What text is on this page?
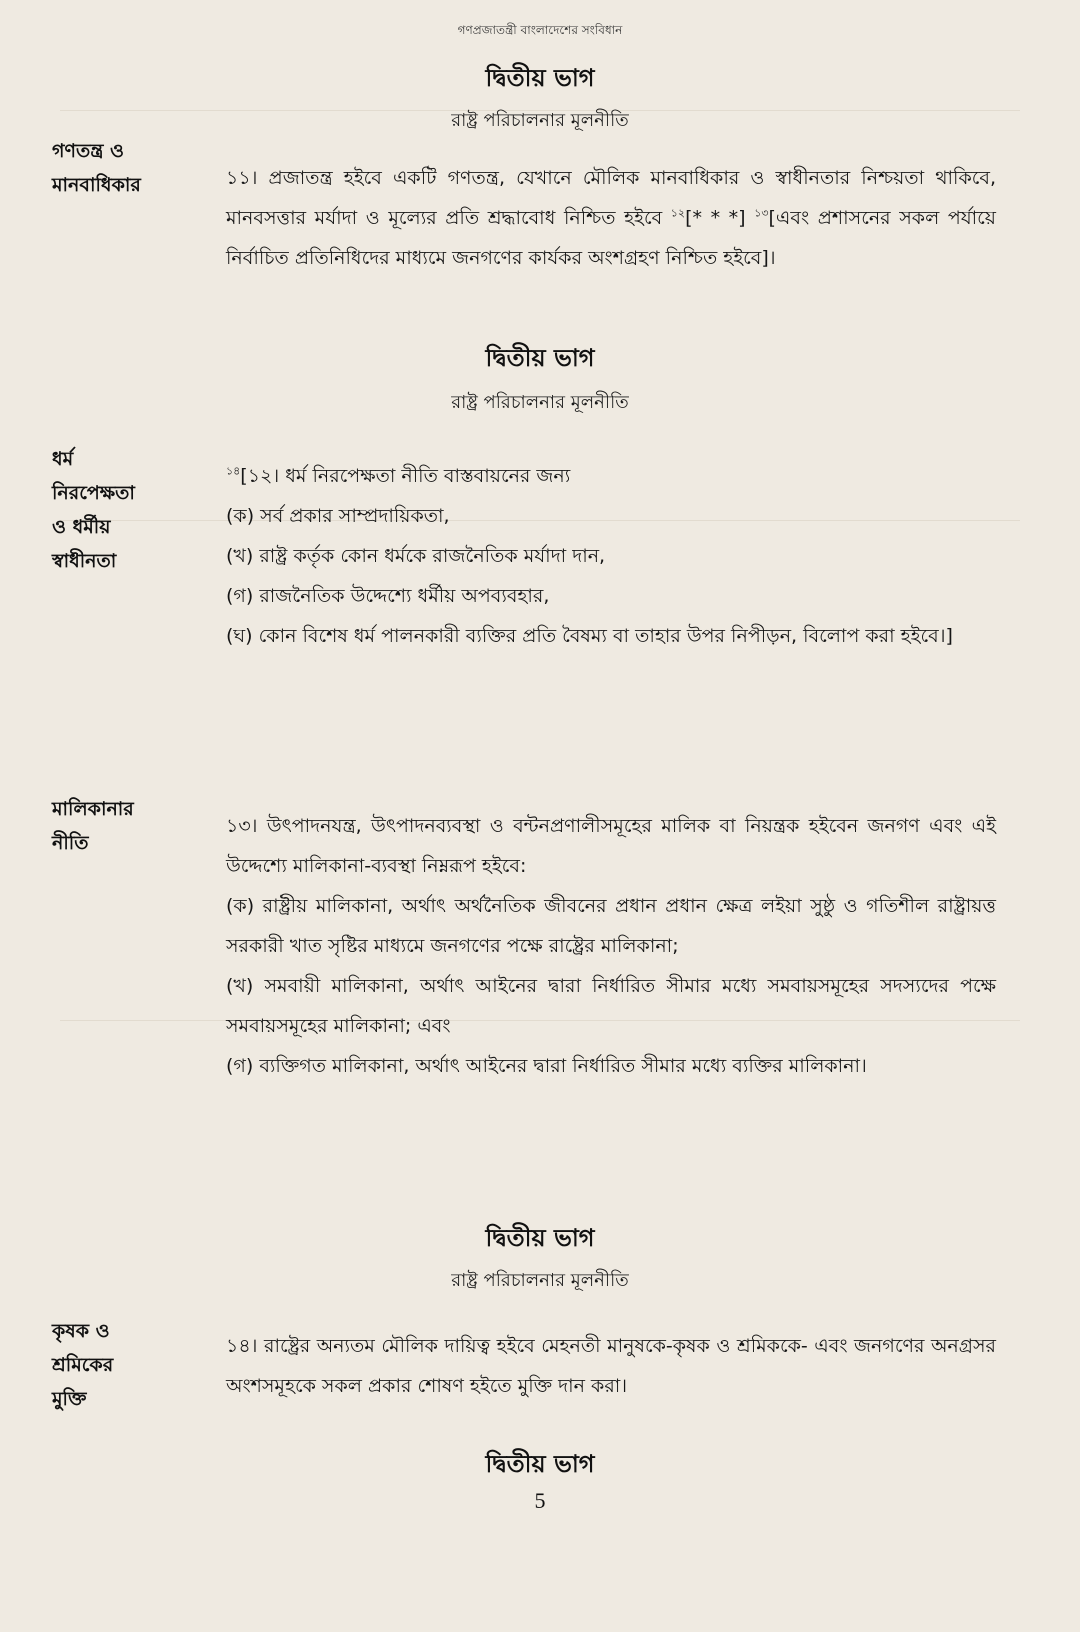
গণপ্রজাতন্ত্রী বাংলাদেশের সংবিধান
দ্বিতীয় ভাগ
রাষ্ট্র পরিচালনার মূলনীতি
গণতন্ত্র ও
মানবাধিকার	১১। প্রজাতন্ত্র হইবে একটি গণতন্ত্র, যেখানে মৌলিক মানবাধিকার ও স্বাধীনতার নিশ্চয়তা থাকিবে, মানবসত্তার মর্যাদা ও মূল্যের প্রতি শ্রদ্ধাবোধ নিশ্চিত হইবে $^{১২}$[* * *] $^{১৩}$[এবং প্রশাসনের সকল পর্যায়ে নির্বাচিত প্রতিনিধিদের মাধ্যমে জনগণের কার্যকর অংশগ্রহণ নিশ্চিত হইবে]।

দ্বিতীয় ভাগ
রাষ্ট্র পরিচালনার মূলনীতি
ধর্ম
নিরপেক্ষতা
ও ধর্মীয়
স্বাধীনতা

$^{১৪}$[১২। ধর্ম নিরপেক্ষতা নীতি বাস্তবায়নের জন্য

(ক) সর্ব প্রকার সাম্প্রদায়িকতা,

(খ) রাষ্ট্র কর্তৃক কোন ধর্মকে রাজনৈতিক মর্যাদা দান,

(গ) রাজনৈতিক উদ্দেশ্যে ধর্মীয় অপব্যবহার,

(ঘ) কোন বিশেষ ধর্ম পালনকারী ব্যক্তির প্রতি বৈষম্য বা তাহার উপর নিপীড়ন, বিলোপ করা হইবে।]

মালিকানার
নীতি

১৩। উৎপাদনযন্ত্র, উৎপাদনব্যবস্থা ও বন্টনপ্রণালীসমূহের মালিক বা নিয়ন্ত্রক হইবেন জনগণ এবং এই উদ্দেশ্যে মালিকানা-ব্যবস্থা নিম্নরূপ হইবে:

(ক) রাষ্ট্রীয় মালিকানা, অর্থাৎ অর্থনৈতিক জীবনের প্রধান প্রধান ক্ষেত্র লইয়া সুষ্ঠু ও গতিশীল রাষ্ট্রায়ত্ত সরকারী খাত সৃষ্টির মাধ্যমে জনগণের পক্ষে রাষ্ট্রের মালিকানা;

(খ) সমবায়ী মালিকানা, অর্থাৎ আইনের দ্বারা নির্ধারিত সীমার মধ্যে সমবায়সমূহের সদস্যদের পক্ষে সমবায়সমূহের মালিকানা; এবং

(গ) ব্যক্তিগত মালিকানা, অর্থাৎ আইনের দ্বারা নির্ধারিত সীমার মধ্যে ব্যক্তির মালিকানা।

দ্বিতীয় ভাগ
রাষ্ট্র পরিচালনার মূলনীতি
কৃষক ও
শ্রমিকের
মুক্তি

১৪। রাষ্ট্রের অন্যতম মৌলিক দায়িত্ব হইবে মেহনতী মানুষকে-কৃষক ও শ্রমিককে- এবং জনগণের অনগ্রসর অংশসমূহকে সকল প্রকার শোষণ হইতে মুক্তি দান করা।

দ্বিতীয় ভাগ
5
